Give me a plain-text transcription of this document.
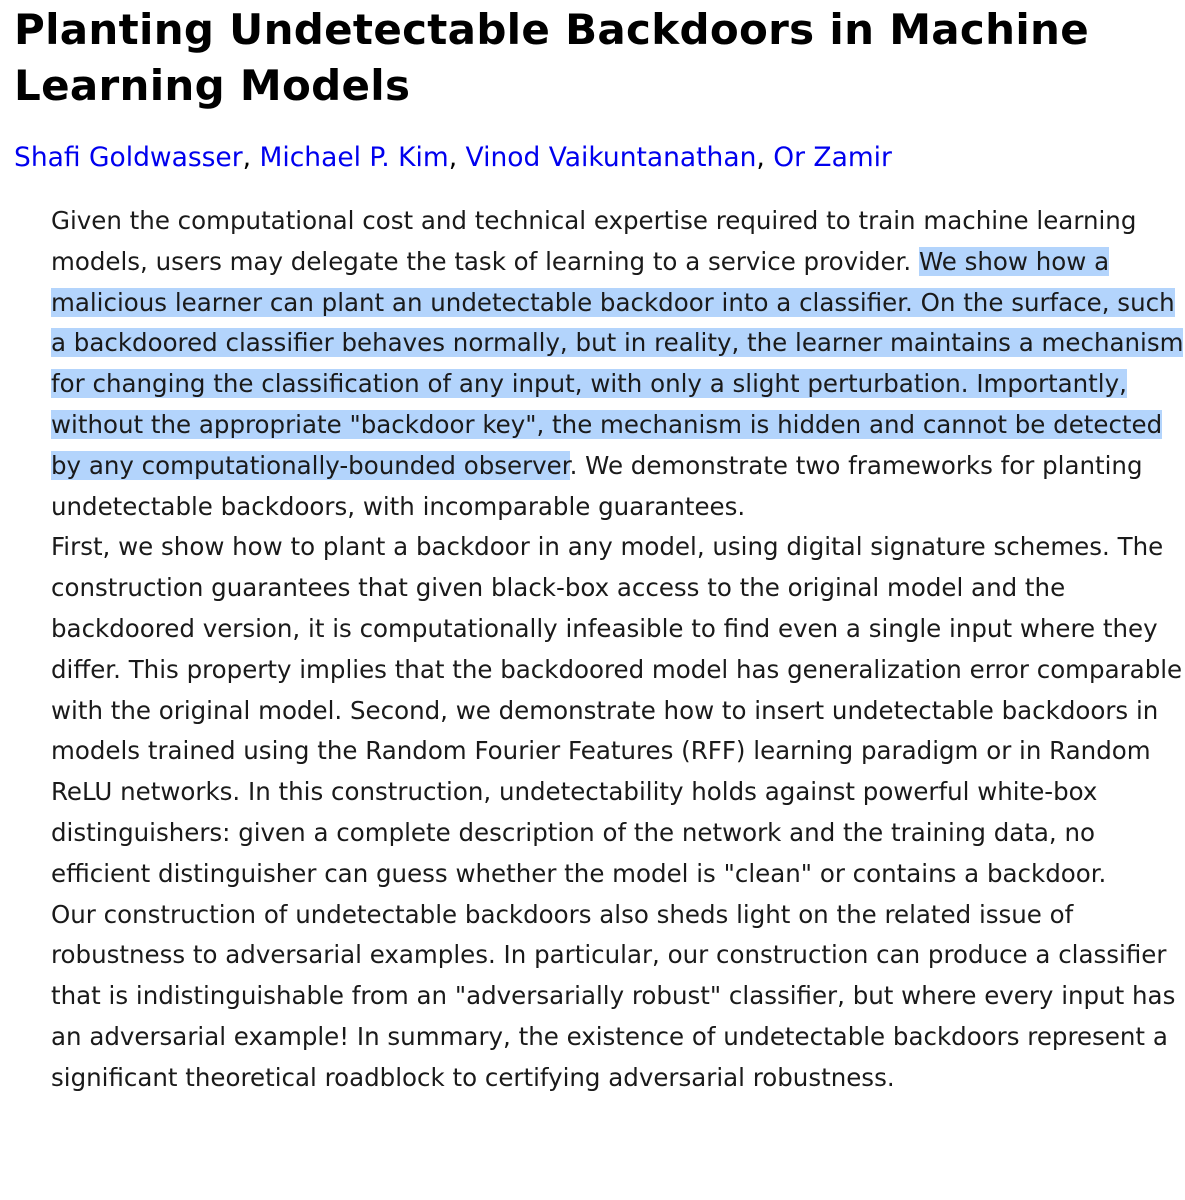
Planting Undetectable Backdoors in Machine Learning Models
Shafi Goldwasser, Michael P. Kim, Vinod Vaikuntanathan, Or Zamir

Given the computational cost and technical expertise required to train machine learning models, users may delegate the task of learning to a service provider. We show how a malicious learner can plant an undetectable backdoor into a classifier. On the surface, such a backdoored classifier behaves normally, but in reality, the learner maintains a mechanism for changing the classification of any input, with only a slight perturbation. Importantly, without the appropriate "backdoor key", the mechanism is hidden and cannot be detected by any computationally-bounded observer. We demonstrate two frameworks for planting undetectable backdoors, with incomparable guarantees.

First, we show how to plant a backdoor in any model, using digital signature schemes. The construction guarantees that given black-box access to the original model and the backdoored version, it is computationally infeasible to find even a single input where they differ. This property implies that the backdoored model has generalization error comparable with the original model. Second, we demonstrate how to insert undetectable backdoors in models trained using the Random Fourier Features (RFF) learning paradigm or in Random ReLU networks. In this construction, undetectability holds against powerful white-box distinguishers: given a complete description of the network and the training data, no efficient distinguisher can guess whether the model is "clean" or contains a backdoor.

Our construction of undetectable backdoors also sheds light on the related issue of robustness to adversarial examples. In particular, our construction can produce a classifier that is indistinguishable from an "adversarially robust" classifier, but where every input has an adversarial example! In summary, the existence of undetectable backdoors represent a significant theoretical roadblock to certifying adversarial robustness.
